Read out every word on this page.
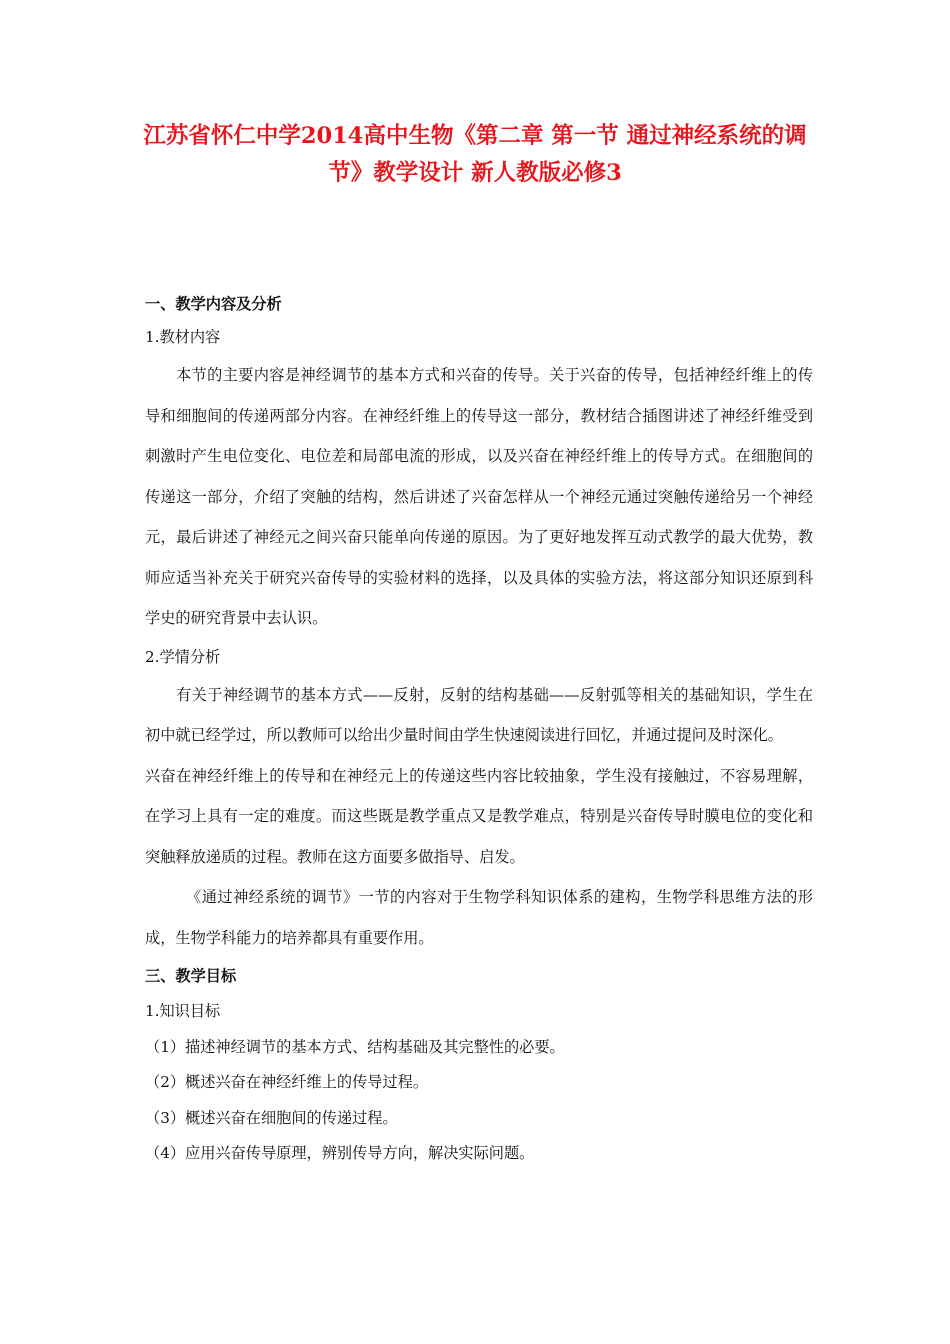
江苏省怀仁中学2014高中生物《第二章 第一节 通过神经系统的调
节》教学设计 新人教版必修3
一、教学内容及分析
1.教材内容

本节的主要内容是神经调节的基本方式和兴奋的传导。关于兴奋的传导，包括神经纤维上的传导和细胞间的传递两部分内容。在神经纤维上的传导这一部分，教材结合插图讲述了神经纤维受到刺激时产生电位变化、电位差和局部电流的形成，以及兴奋在神经纤维上的传导方式。在细胞间的传递这一部分，介绍了突触的结构，然后讲述了兴奋怎样从一个神经元通过突触传递给另一个神经元，最后讲述了神经元之间兴奋只能单向传递的原因。为了更好地发挥互动式教学的最大优势，教师应适当补充关于研究兴奋传导的实验材料的选择，以及具体的实验方法，将这部分知识还原到科学史的研究背景中去认识。

2.学情分析

有关于神经调节的基本方式——反射，反射的结构基础——反射弧等相关的基础知识，学生在初中就已经学过，所以教师可以给出少量时间由学生快速阅读进行回忆，并通过提问及时深化。

兴奋在神经纤维上的传导和在神经元上的传递这些内容比较抽象，学生没有接触过，不容易理解，在学习上具有一定的难度。而这些既是教学重点又是教学难点，特别是兴奋传导时膜电位的变化和突触释放递质的过程。教师在这方面要多做指导、启发。

《通过神经系统的调节》一节的内容对于生物学科知识体系的建构，生物学科思维方法的形成，生物学科能力的培养都具有重要作用。

三、教学目标
1.知识目标
（1）描述神经调节的基本方式、结构基础及其完整性的必要。
（2）概述兴奋在神经纤维上的传导过程。
（3）概述兴奋在细胞间的传递过程。
（4）应用兴奋传导原理，辨别传导方向，解决实际问题。
